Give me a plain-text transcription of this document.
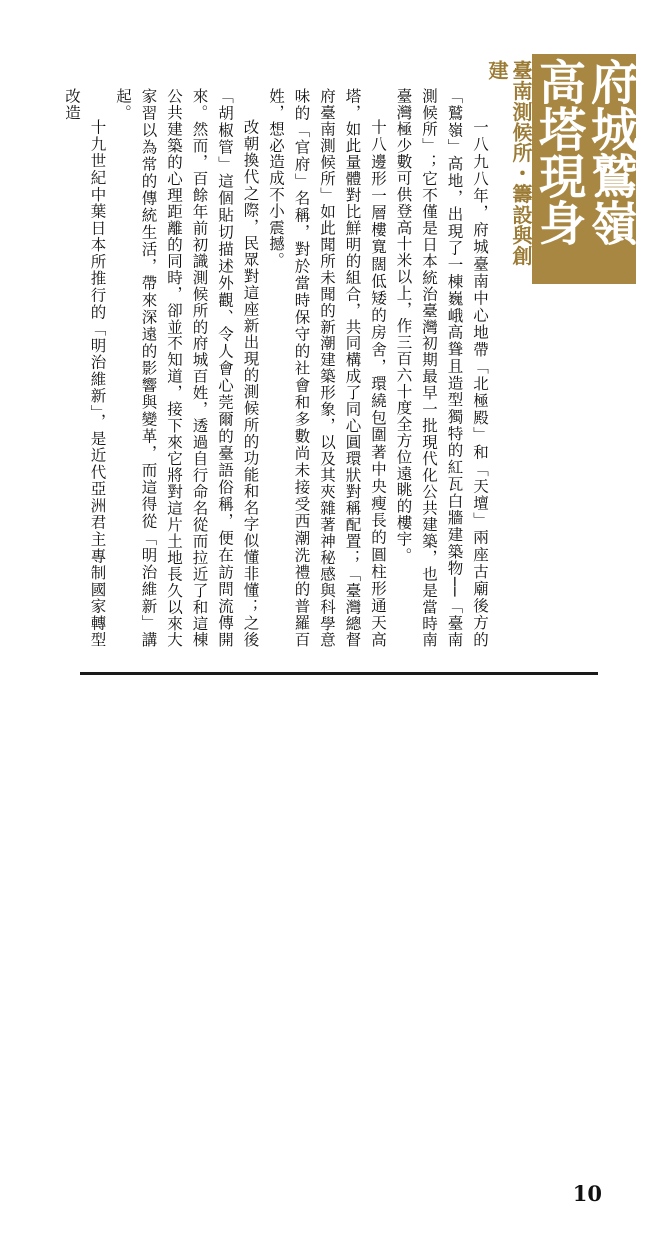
府城鷲嶺
高塔現身
臺南測候所・籌設與創建

一八九八年，府城臺南中心地帶「北極殿」和「天壇」兩座古廟後方的「鷲嶺」高地，出現了一棟巍峨高聳且造型獨特的紅瓦白牆建築物──「臺南測候所」；它不僅是日本統治臺灣初期最早一批現代化公共建築，也是當時南臺灣極少數可供登高十米以上，作三百六十度全方位遠眺的樓宇。

十八邊形一層樓寬闊低矮的房舍，環繞包圍著中央瘦長的圓柱形通天高塔，如此量體對比鮮明的組合，共同構成了同心圓環狀對稱配置；「臺灣總督府臺南測候所」如此聞所未聞的新潮建築形象，以及其夾雜著神秘感與科學意味的「官府」名稱，對於當時保守的社會和多數尚未接受西潮洗禮的普羅百姓，想必造成不小震撼。

改朝換代之際，民眾對這座新出現的測候所的功能和名字似懂非懂；之後「胡椒管」這個貼切描述外觀、令人會心莞爾的臺語俗稱，便在訪問流傳開來。然而，百餘年前初識測候所的府城百姓，透過自行命名從而拉近了和這棟公共建築的心理距離的同時，卻並不知道，接下來它將對這片土地長久以來大家習以為常的傳統生活，帶來深遠的影響與變革，而這得從「明治維新」講起。

十九世紀中葉日本所推行的「明治維新」，是近代亞洲君主專制國家轉型改造

10
